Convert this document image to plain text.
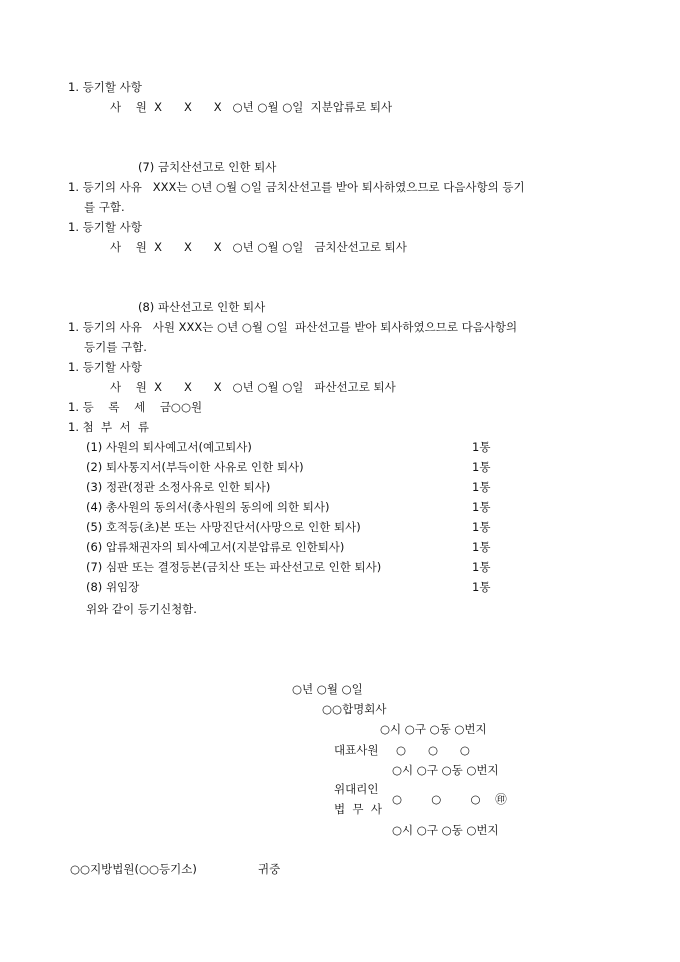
1. 등기할 사항
사    원  X      X      X   ○년 ○월 ○일  지분압류로 퇴사
(7) 금치산선고로 인한 퇴사
1. 등기의 사유   XXX는 ○년 ○월 ○일 금치산선고를 받아 퇴사하였으므로 다음사항의 등기
를 구함.
1. 등기할 사항
사    원  X      X      X   ○년 ○월 ○일   금치산선고로 퇴사
(8) 파산선고로 인한 퇴사
1. 등기의 사유   사원 XXX는 ○년 ○월 ○일  파산선고를 받아 퇴사하였으므로 다음사항의
등기를 구함.
1. 등기할 사항
사    원  X      X      X   ○년 ○월 ○일   파산선고로 퇴사
1. 등    록    세    금○○원
1. 첨  부  서  류
(1) 사원의 퇴사예고서(예고퇴사)	1통
(2) 퇴사통지서(부득이한 사유로 인한 퇴사)	1통
(3) 정관(정관 소정사유로 인한 퇴사)	1통
(4) 총사원의 동의서(총사원의 동의에 의한 퇴사)	1통
(5) 호적등(초)본 또는 사망진단서(사망으로 인한 퇴사)	1통
(6) 압류채권자의 퇴사예고서(지분압류로 인한퇴사)	1통
(7) 심판 또는 결정등본(금치산 또는 파산선고로 인한 퇴사)	1통
(8) 위임장	1통
위와 같이 등기신청함.
○년 ○월 ○일
○○합명회사
○시 ○구 ○동 ○번지
대표사원 ○      ○      ○
○시 ○구 ○동 ○번지
위대리인
법  무  사
○        ○        ○    ㊞
○시 ○구 ○동 ○번지
○○지방법원(○○등기소)	귀중
